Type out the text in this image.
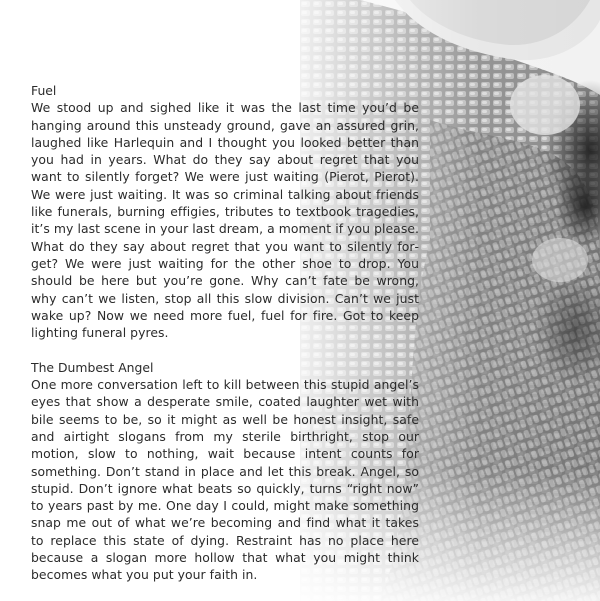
Fuel
We stood up and sighed like it was the last time you’d be hanging around this unsteady ground, gave an assured grin, laughed like Harlequin and I thought you looked better than you had in years. What do they say about regret that you want to silently forget? We were just waiting (Pierot, Pierot). We were just waiting. It was so criminal talking about friends like funerals, burning effigies, tributes to textbook tragedies, it’s my last scene in your last dream, a moment if you please. What do they say about regret that you want to silently forget? We were just waiting for the other shoe to drop. You should be here but you’re gone. Why can’t fate be wrong, why can’t we listen, stop all this slow division. Can’t we just wake up? Now we need more fuel, fuel for fire. Got to keep lighting funeral pyres.
The Dumbest Angel
One more conversation left to kill between this stupid angel’s eyes that show a desperate smile, coated laughter wet with bile seems to be, so it might as well be honest insight, safe and airtight slogans from my sterile birthright, stop our motion, slow to nothing, wait because intent counts for something. Don’t stand in place and let this break. Angel, so stupid. Don’t ignore what beats so quickly, turns “right now” to years past by me. One day I could, might make something snap me out of what we’re becoming and find what it takes to replace this state of dying. Restraint has no place here because a slogan more hollow that what you might think becomes what you put your faith in.
